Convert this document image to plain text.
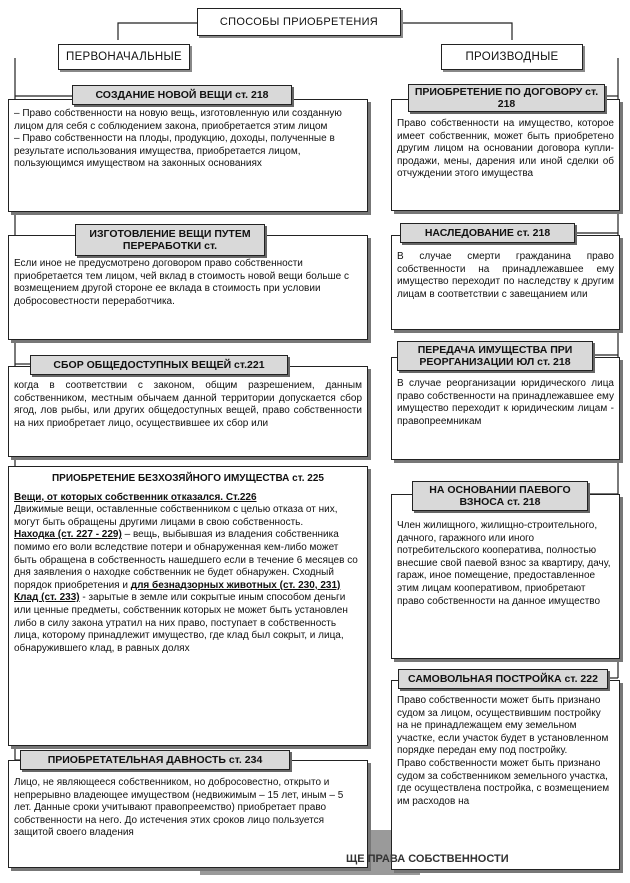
ЩЕ ПРАВА СОБСТВЕННОСТИ
СПОСОБЫ ПРИОБРЕТЕНИЯ
ПЕРВОНАЧАЛЬНЫЕ	ПРОИЗВОДНЫЕ
СОЗДАНИЕ НОВОЙ ВЕЩИ ст. 218

– Право собственности на новую вещь, изготовленную или созданную лицом для себя с соблюдением закона, приобретается этим лицом

– Право собственности на плоды, продукцию, доходы, полученные в результате использования имущества, приобретается лицом, пользующимся имуществом на законных основаниях

ИЗГОТОВЛЕНИЕ ВЕЩИ ПУТЕМ ПЕРЕРАБОТКИ ст.

Если иное не предусмотрено договором право собственности приобретается тем лицом, чей вклад в стоимость новой вещи больше с возмещением другой стороне ее вклада в стоимость при условии добросовестности переработчика.

СБОР ОБЩЕДОСТУПНЫХ ВЕЩЕЙ ст.221

когда в соответствии с законом, общим разрешением, данным собственником, местным обычаем данной территории допускается сбор ягод, лов рыбы, или других общедоступных вещей, право собственности на них приобретает лицо, осуществившее их сбор или

ПРИОБРЕТЕНИЕ БЕЗХОЗЯЙНОГО ИМУЩЕСТВА ст. 225

Вещи, от которых собственник отказался. Ст.226

Движимые вещи, оставленные собственником с целью отказа от них, могут быть обращены другими лицами в свою собственность.

Находка (ст. 227 - 229) – вещь, выбывшая из владения собственника помимо его воли вследствие потери и обнаруженная кем-либо может быть обращена в собственность нашедшего если в течение 6 месяцев со дня заявления о находке собственник не будет обнаружен. Сходный порядок приобретения и для безнадзорных животных (ст. 230, 231)

Клад (ст. 233) - зарытые в земле или сокрытые иным способом деньги или ценные предметы, собственник которых не может быть установлен либо в силу закона утратил на них право, поступает в собственность лица, которому принадлежит имущество, где клад был сокрыт, и лица, обнаружившего клад, в равных долях

ПРИОБРЕТАТЕЛЬНАЯ ДАВНОСТЬ ст. 234

Лицо, не являющееся собственником, но добросовестно, открыто и непрерывно владеющее имуществом (недвижимым – 15 лет, иным – 5 лет. Данные сроки учитывают правопреемство) приобретает право собственности на него. До истечения этих сроков лицо пользуется защитой своего владения

ПРИОБРЕТЕНИЕ ПО ДОГОВОРУ ст. 218

Право собственности на имущество, которое имеет собственник, может быть приобретено другим лицом на основании договора купли-продажи, мены, дарения или иной сделки об отчуждении этого имущества

НАСЛЕДОВАНИЕ ст. 218

В случае смерти гражданина право собственности на принадлежавшее ему имущество переходит по наследству к другим лицам в соответствии с завещанием или

ПЕРЕДАЧА ИМУЩЕСТВА ПРИ РЕОРГАНИЗАЦИИ ЮЛ ст. 218

В случае реорганизации юридического лица право собственности на принадлежавшее ему имущество переходит к юридическим лицам - правопреемникам

НА ОСНОВАНИИ ПАЕВОГО ВЗНОСА ст. 218

Член жилищного, жилищно-строительного, дачного, гаражного или иного потребительского кооператива, полностью внесшие свой паевой взнос за квартиру, дачу, гараж, иное помещение, предоставленное этим лицам кооперативом, приобретают право собственности на данное имущество

САМОВОЛЬНАЯ ПОСТРОЙКА ст. 222

Право собственности может быть признано судом за лицом, осуществившим постройку на не принадлежащем ему земельном участке, если участок будет в установленном порядке передан ему под постройку.

Право собственности может быть признано судом за собственником земельного участка, где осуществлена постройка, с возмещением им расходов на
